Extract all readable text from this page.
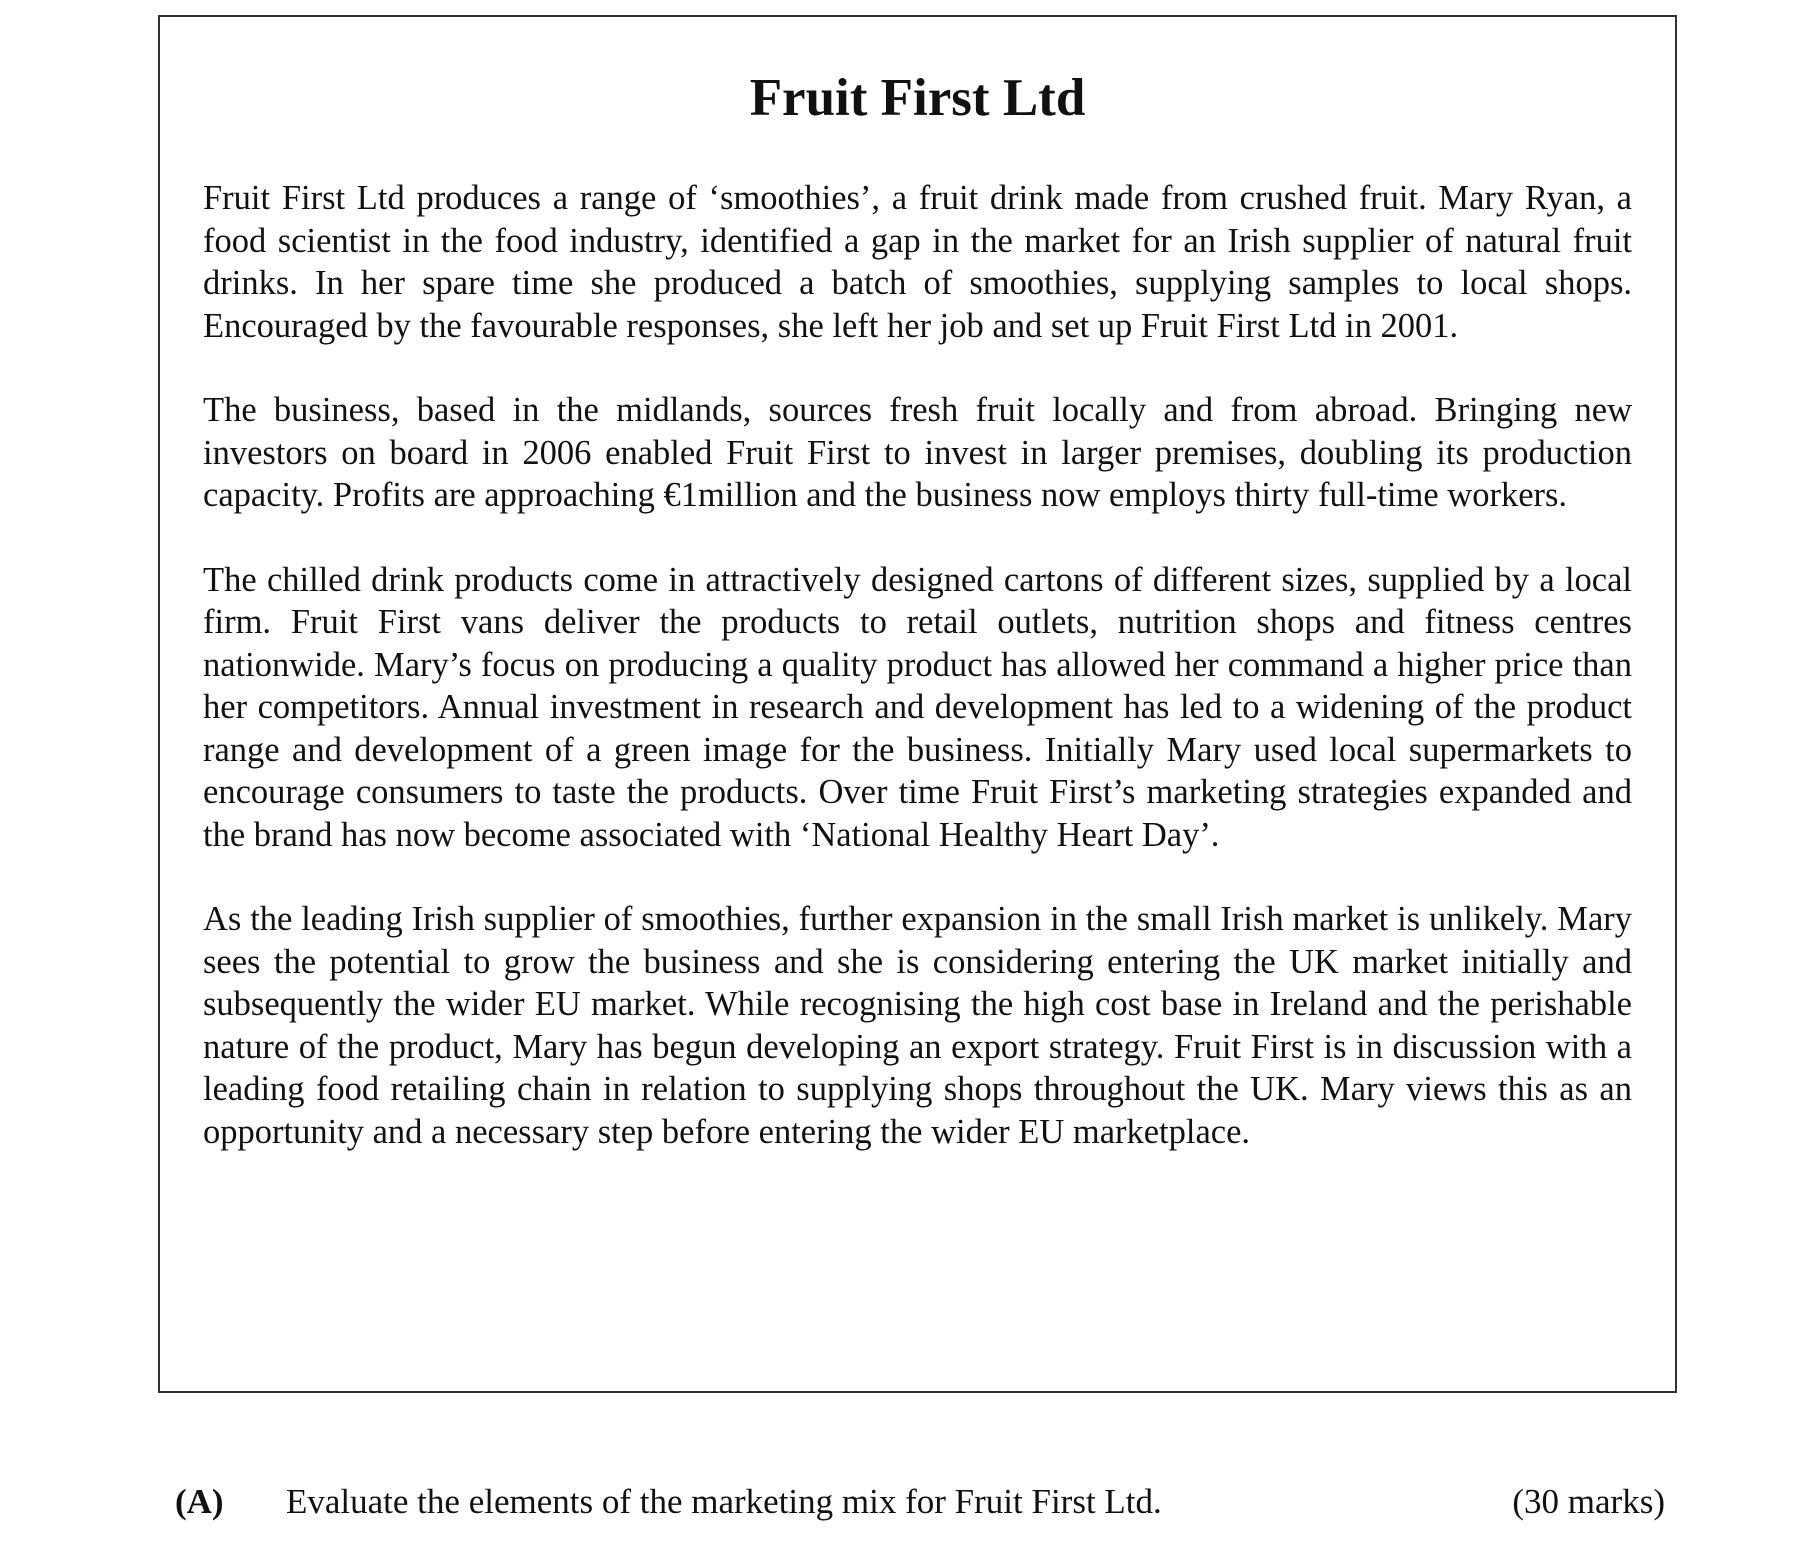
Fruit First Ltd

Fruit First Ltd produces a range of ‘smoothies’, a fruit drink made from crushed fruit. Mary Ryan, a food scientist in the food industry, identified a gap in the market for an Irish supplier of natural fruit drinks. In her spare time she produced a batch of smoothies, supplying samples to local shops. Encouraged by the favourable responses, she left her job and set up Fruit First Ltd in 2001.

The business, based in the midlands, sources fresh fruit locally and from abroad. Bringing new investors on board in 2006 enabled Fruit First to invest in larger premises, doubling its production capacity. Profits are approaching €1million and the business now employs thirty full-time workers.

The chilled drink products come in attractively designed cartons of different sizes, supplied by a local firm. Fruit First vans deliver the products to retail outlets, nutrition shops and fitness centres nationwide. Mary’s focus on producing a quality product has allowed her command a higher price than her competitors. Annual investment in research and development has led to a widening of the product range and development of a green image for the business. Initially Mary used local supermarkets to encourage consumers to taste the products. Over time Fruit First’s marketing strategies expanded and the brand has now become associated with ‘National Healthy Heart Day’.

As the leading Irish supplier of smoothies, further expansion in the small Irish market is unlikely. Mary sees the potential to grow the business and she is considering entering the UK market initially and subsequently the wider EU market. While recognising the high cost base in Ireland and the perishable nature of the product, Mary has begun developing an export strategy. Fruit First is in discussion with a leading food retailing chain in relation to supplying shops throughout the UK. Mary views this as an opportunity and a necessary step before entering the wider EU marketplace.

(A) Evaluate the elements of the marketing mix for Fruit First Ltd.	(30 marks)
